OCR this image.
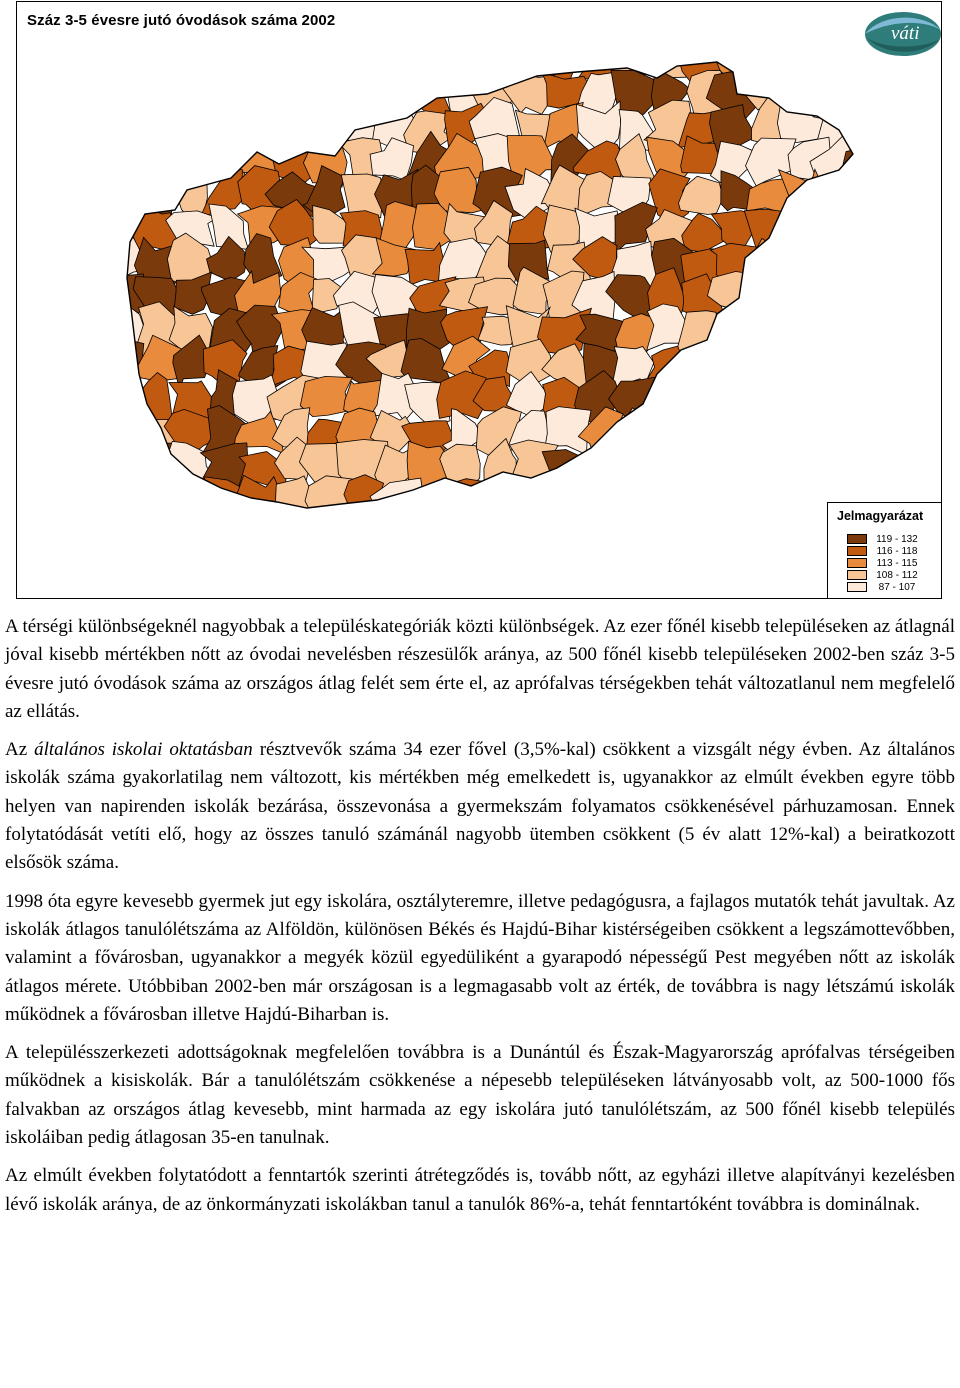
Száz 3-5 évesre jutó óvodások száma 2002
váti
Jelmagyarázat
119 - 132
116 - 118
113 - 115
108 - 112
87 - 107

A térségi különbségeknél nagyobbak a településkategóriák közti különbségek. Az ezer főnél kisebb településeken az átlagnál jóval kisebb mértékben nőtt az óvodai nevelésben részesülők aránya, az 500 főnél kisebb településeken 2002-ben száz 3-5 évesre jutó óvodások száma az országos átlag felét sem érte el, az aprófalvas térségekben tehát változatlanul nem megfelelő az ellátás.

Az általános iskolai oktatásban résztvevők száma 34 ezer fővel (3,5%-kal) csökkent a vizsgált négy évben. Az általános iskolák száma gyakorlatilag nem változott, kis mértékben még emelkedett is, ugyanakkor az elmúlt években egyre több helyen van napirenden iskolák bezárása, összevonása a gyermekszám folyamatos csökkenésével párhuzamosan. Ennek folytatódását vetíti elő, hogy az összes tanuló számánál nagyobb ütemben csökkent (5 év alatt 12%-kal) a beiratkozott elsősök száma.

1998 óta egyre kevesebb gyermek jut egy iskolára, osztályteremre, illetve pedagógusra, a fajlagos mutatók tehát javultak. Az iskolák átlagos tanulólétszáma az Alföldön, különösen Békés és Hajdú-Bihar kistérségeiben csökkent a legszámottevőbben, valamint a fővárosban, ugyanakkor a megyék közül egyedüliként a gyarapodó népességű Pest megyében nőtt az iskolák átlagos mérete. Utóbbiban 2002-ben már országosan is a legmagasabb volt az érték, de továbbra is nagy létszámú iskolák működnek a fővárosban illetve Hajdú-Biharban is.

A településszerkezeti adottságoknak megfelelően továbbra is a Dunántúl és Észak-Magyarország aprófalvas térségeiben működnek a kisiskolák. Bár a tanulólétszám csökkenése a népesebb településeken látványosabb volt, az 500-1000 fős falvakban az országos átlag kevesebb, mint harmada az egy iskolára jutó tanulólétszám, az 500 főnél kisebb település iskoláiban pedig átlagosan 35-en tanulnak.

Az elmúlt években folytatódott a fenntartók szerinti átrétegződés is, tovább nőtt, az egyházi illetve alapítványi kezelésben lévő iskolák aránya, de az önkormányzati iskolákban tanul a tanulók 86%-a, tehát fenntartóként továbbra is dominálnak.
